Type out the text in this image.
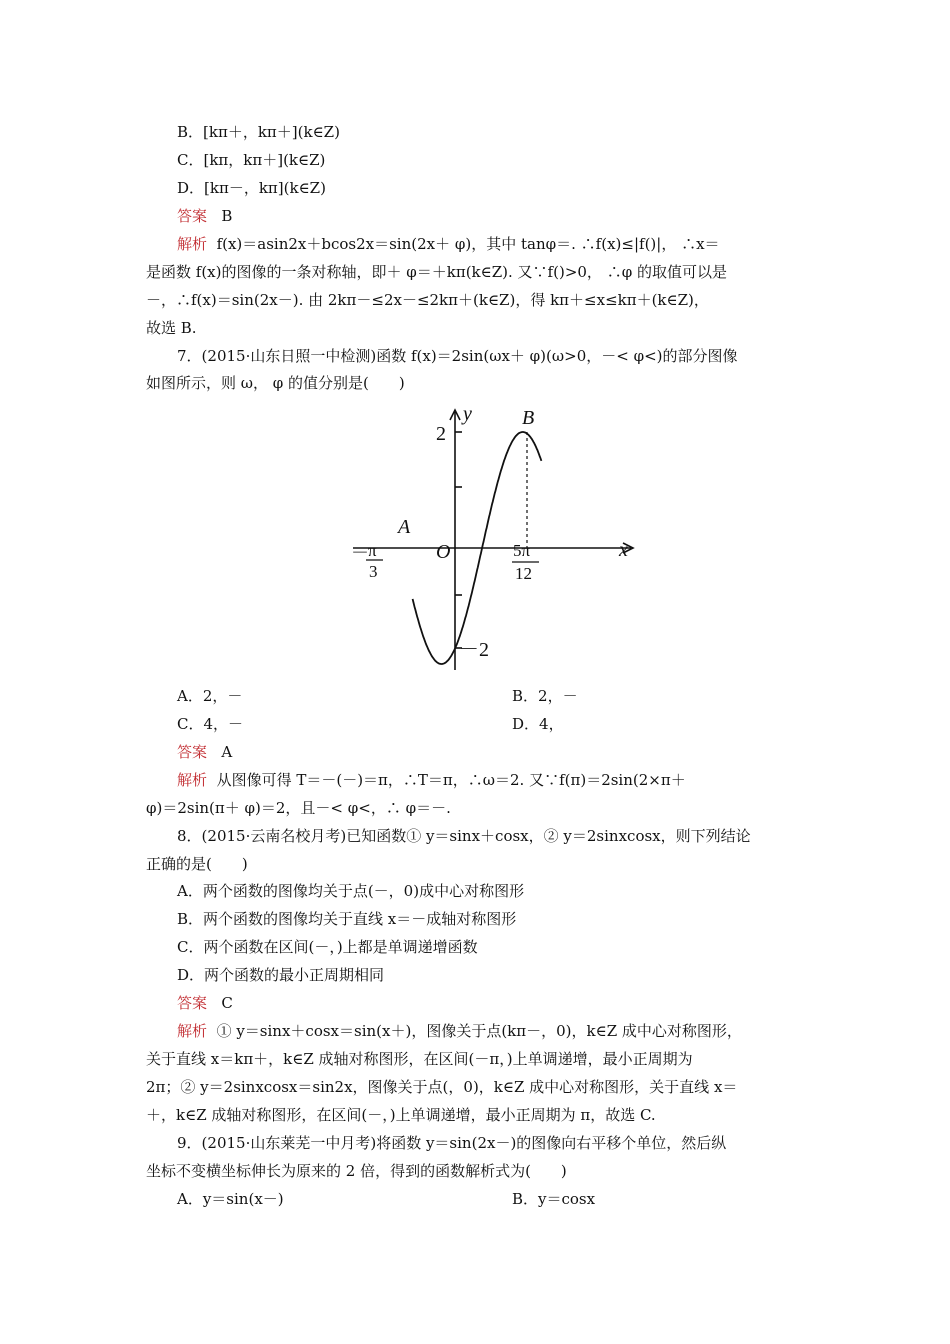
B．[kπ＋，kπ＋](k∈Z)
C．[kπ，kπ＋](k∈Z)
D．[kπ－，kπ](k∈Z)
答案 B
解析 f(x)＝asin2x＋bcos2x＝sin(2x＋ φ)，其中 tanφ＝. ∴f(x)≤|f()|， ∴x＝
是函数 f(x)的图像的一条对称轴，即＋ φ＝＋kπ(k∈Z). 又∵f()>0， ∴φ 的取值可以是
－，∴f(x)＝sin(2x－). 由 2kπ－≤2x－≤2kπ＋(k∈Z)，得 kπ＋≤x≤kπ＋(k∈Z)，
故选 B.
7．(2015·山东日照一中检测)函数 f(x)＝2sin(ωx＋ φ)(ω>0，－< φ<)的部分图像
如图所示，则 ω， φ 的值分别是(　　)
y
x
O
A
B
2
－2
－ π
3
5π
12
A．2，－	B．2，－
C．4，－	D．4，
答案 A
解析 从图像可得 T＝－(－)＝π，∴T＝π，∴ω＝2. 又∵f(π)＝2sin(2×π＋
φ)＝2sin(π＋ φ)＝2，且－< φ<，∴ φ＝－.
8．(2015·云南名校月考)已知函数① y＝sinx＋cosx，② y＝2sinxcosx，则下列结论
正确的是(　　)
A．两个函数的图像均关于点(－，0)成中心对称图形
B．两个函数的图像均关于直线 x＝－成轴对称图形
C．两个函数在区间(－，)上都是单调递增函数
D．两个函数的最小正周期相同
答案 C
解析 ① y＝sinx＋cosx＝sin(x＋)，图像关于点(kπ－，0)，k∈Z 成中心对称图形，
关于直线 x＝kπ＋，k∈Z 成轴对称图形，在区间(－π，)上单调递增，最小正周期为
2π；② y＝2sinxcosx＝sin2x，图像关于点(，0)，k∈Z 成中心对称图形，关于直线 x＝
＋，k∈Z 成轴对称图形，在区间(－，)上单调递增，最小正周期为 π，故选 C.
9．(2015·山东莱芜一中月考)将函数 y＝sin(2x－)的图像向右平移个单位，然后纵
坐标不变横坐标伸长为原来的 2 倍，得到的函数解析式为(　　)
A．y＝sin(x－)	B．y＝cosx
